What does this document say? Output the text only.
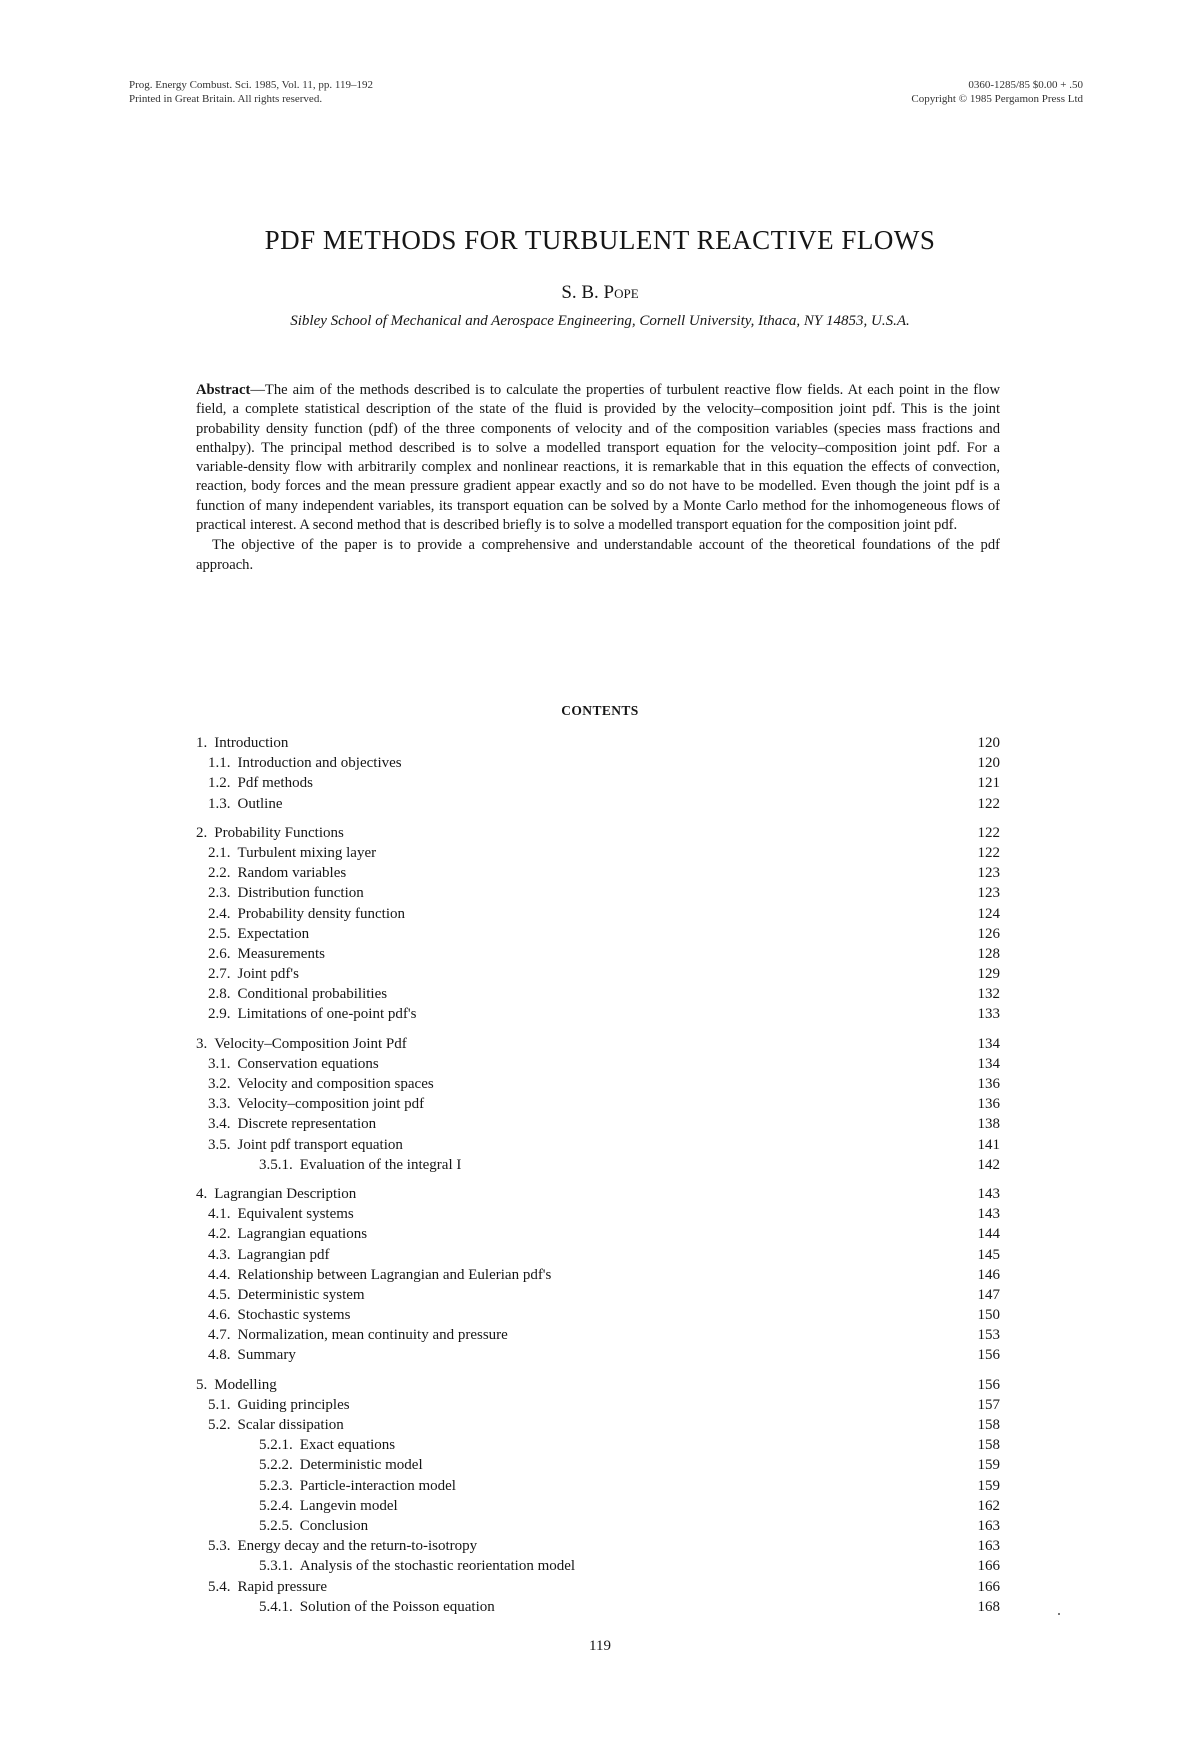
Prog. Energy Combust. Sci. 1985, Vol. 11, pp. 119–192
Printed in Great Britain. All rights reserved.
0360-1285/85 $0.00 + .50
Copyright © 1985 Pergamon Press Ltd
PDF METHODS FOR TURBULENT REACTIVE FLOWS
S. B. Pope
Sibley School of Mechanical and Aerospace Engineering, Cornell University, Ithaca, NY 14853, U.S.A.

Abstract—The aim of the methods described is to calculate the properties of turbulent reactive flow fields. At each point in the flow field, a complete statistical description of the state of the fluid is provided by the velocity–composition joint pdf. This is the joint probability density function (pdf) of the three components of velocity and of the composition variables (species mass fractions and enthalpy). The principal method described is to solve a modelled transport equation for the velocity–composition joint pdf. For a variable-density flow with arbitrarily complex and nonlinear reactions, it is remarkable that in this equation the effects of convection, reaction, body forces and the mean pressure gradient appear exactly and so do not have to be modelled. Even though the joint pdf is a function of many independent variables, its transport equation can be solved by a Monte Carlo method for the inhomogeneous flows of practical interest. A second method that is described briefly is to solve a modelled transport equation for the composition joint pdf.

The objective of the paper is to provide a comprehensive and understandable account of the theoretical foundations of the pdf approach.

CONTENTS
1. Introduction	120
1.1. Introduction and objectives	120
1.2. Pdf methods	121
1.3. Outline	122
2. Probability Functions	122
2.1. Turbulent mixing layer	122
2.2. Random variables	123
2.3. Distribution function	123
2.4. Probability density function	124
2.5. Expectation	126
2.6. Measurements	128
2.7. Joint pdf's	129
2.8. Conditional probabilities	132
2.9. Limitations of one-point pdf's	133
3. Velocity–Composition Joint Pdf	134
3.1. Conservation equations	134
3.2. Velocity and composition spaces	136
3.3. Velocity–composition joint pdf	136
3.4. Discrete representation	138
3.5. Joint pdf transport equation	141
3.5.1. Evaluation of the integral I	142
4. Lagrangian Description	143
4.1. Equivalent systems	143
4.2. Lagrangian equations	144
4.3. Lagrangian pdf	145
4.4. Relationship between Lagrangian and Eulerian pdf's	146
4.5. Deterministic system	147
4.6. Stochastic systems	150
4.7. Normalization, mean continuity and pressure	153
4.8. Summary	156
5. Modelling	156
5.1. Guiding principles	157
5.2. Scalar dissipation	158
5.2.1. Exact equations	158
5.2.2. Deterministic model	159
5.2.3. Particle-interaction model	159
5.2.4. Langevin model	162
5.2.5. Conclusion	163
5.3. Energy decay and the return-to-isotropy	163
5.3.1. Analysis of the stochastic reorientation model	166
5.4. Rapid pressure	166
5.4.1. Solution of the Poisson equation	168
119
